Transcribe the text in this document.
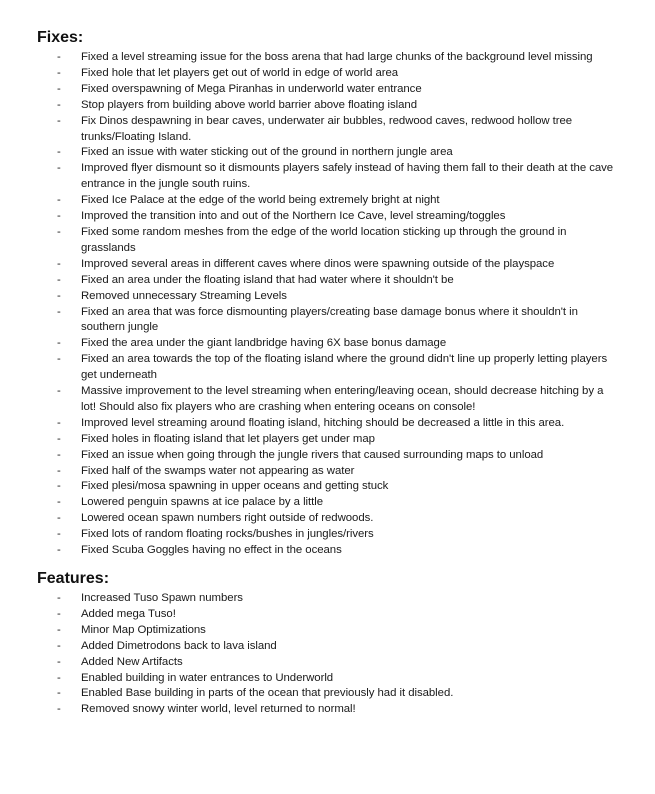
Fixes:
- Fixed a level streaming issue for the boss arena that had large chunks of the background level missing
- Fixed hole that let players get out of world in edge of world area
- Fixed overspawning of Mega Piranhas in underworld water entrance
- Stop players from building above world barrier above floating island
- Fix Dinos despawning in bear caves, underwater air bubbles, redwood caves, redwood hollow tree trunks/Floating Island.
- Fixed an issue with water sticking out of the ground in northern jungle area
- Improved flyer dismount so it dismounts players safely instead of having them fall to their death at the cave entrance in the jungle south ruins.
- Fixed Ice Palace at the edge of the world being extremely bright at night
- Improved the transition into and out of the Northern Ice Cave, level streaming/toggles
- Fixed some random meshes from the edge of the world location sticking up through the ground in grasslands
- Improved several areas in different caves where dinos were spawning outside of the playspace
- Fixed an area under the floating island that had water where it shouldn't be
- Removed unnecessary Streaming Levels
- Fixed an area that was force dismounting players/creating base damage bonus where it shouldn't in southern jungle
- Fixed the area under the giant landbridge having 6X base bonus damage
- Fixed an area towards the top of the floating island where the ground didn't line up properly letting players get underneath
- Massive improvement to the level streaming when entering/leaving ocean, should decrease hitching by a lot! Should also fix players who are crashing when entering oceans on console!
- Improved level streaming around floating island, hitching should be decreased a little in this area.
- Fixed holes in floating island that let players get under map
- Fixed an issue when going through the jungle rivers that caused surrounding maps to unload
- Fixed half of the swamps water not appearing as water
- Fixed plesi/mosa spawning in upper oceans and getting stuck
- Lowered penguin spawns at ice palace by a little
- Lowered ocean spawn numbers right outside of redwoods.
- Fixed lots of random floating rocks/bushes in jungles/rivers
- Fixed Scuba Goggles having no effect in the oceans
Features:
- Increased Tuso Spawn numbers
- Added mega Tuso!
- Minor Map Optimizations
- Added Dimetrodons back to lava island
- Added New Artifacts
- Enabled building in water entrances to Underworld
- Enabled Base building in parts of the ocean that previously had it disabled.
- Removed snowy winter world, level returned to normal!
